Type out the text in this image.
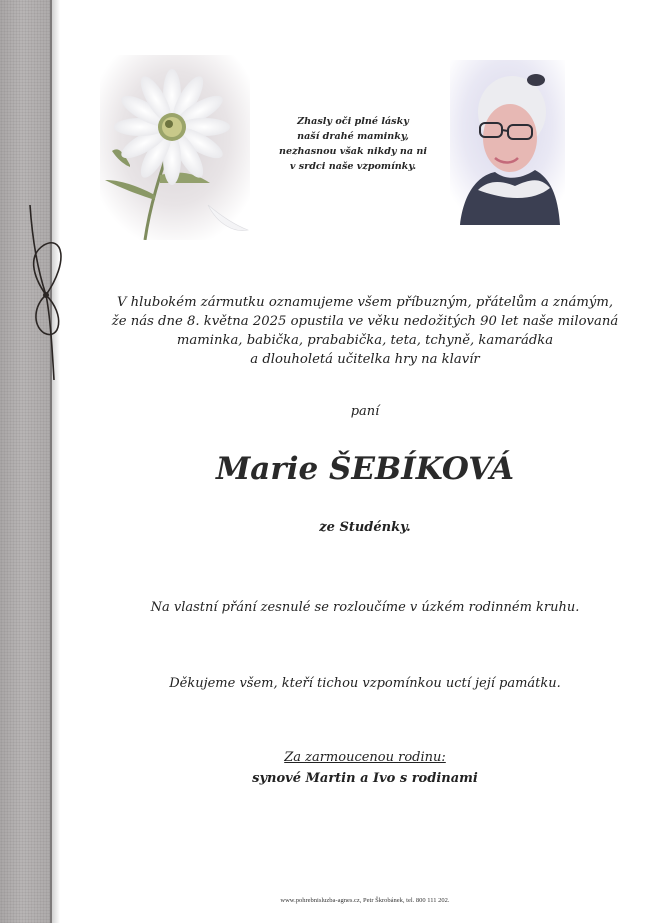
Zhasly oči plné lásky
naší drahé maminky,
nezhasnou však nikdy na ni
v srdci naše vzpomínky.
V hlubokém zármutku oznamujeme všem příbuzným, přátelům a známým,
že nás dne 8. května 2025 opustila ve věku nedožitých 90 let naše milovaná
maminka, babička, prababička, teta, tchyně, kamarádka
a dlouholetá učitelka hry na klavír
paní
Marie ŠEBÍKOVÁ
ze Studénky.
Na vlastní přání zesnulé se rozloučíme v úzkém rodinném kruhu.
Děkujeme všem, kteří tichou vzpomínkou uctí její památku.
Za zarmoucenou rodinu:
synové Martin a Ivo s rodinami
www.pohrebnisluzba-agnes.cz, Petr Škrobánek, tel. 800 111 202.
